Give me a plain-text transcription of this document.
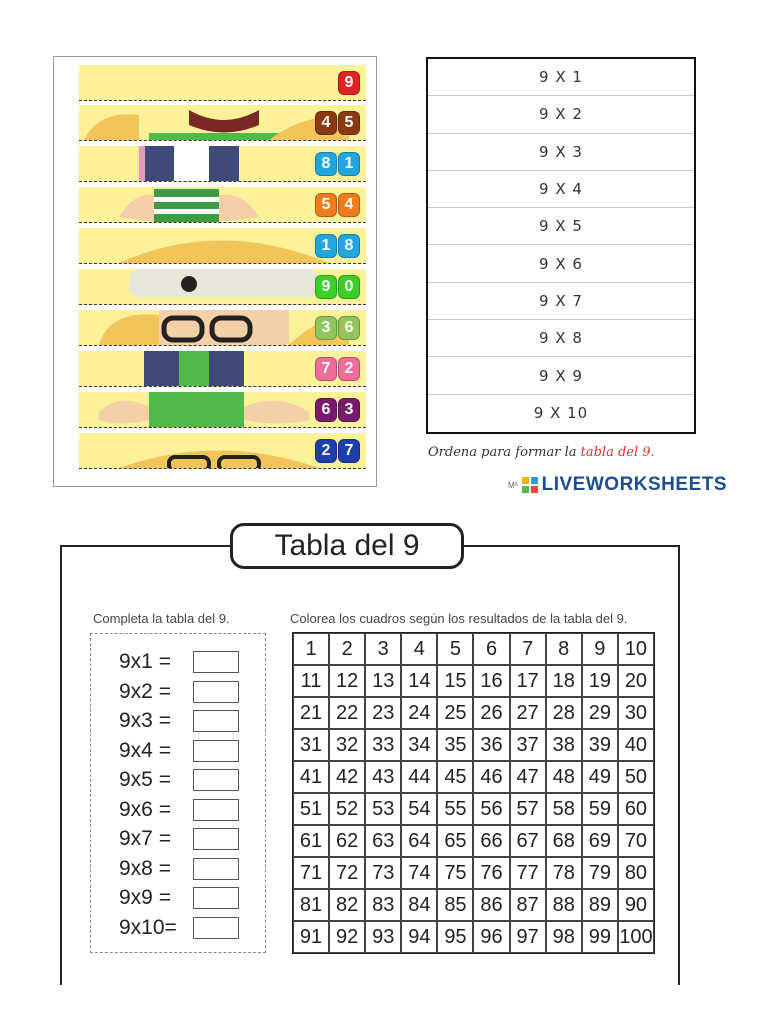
9
4 5
8 1
5 4
1 8
9 0
3 6
7 2
6 3
2 7
9 X 1
9 X 2
9 X 3
9 X 4
9 X 5
9 X 6
9 X 7
9 X 8
9 X 9
9 X 10
Ordena para formar la tabla del 9.
Mª LIVEWORKSHEETS
Tabla del 9
Completa la tabla del 9.	Colorea los cuadros según los resultados de la tabla del 9.
9x1 =
9x2 =
9x3 =
9x4 =
9x5 =
9x6 =
9x7 =
9x8 =
9x9 =
9x10=
1	2	3	4	5	6	7	8	9 10
11 12 13 14 15 16 17 18 19 20
21 22 23 24 25 26 27 28 29 30
31 32 33 34 35 36 37 38 39 40
41 42 43 44 45 46 47 48 49 50
51 52 53 54 55 56 57 58 59 60
61 62 63 64 65 66 67 68 69 70
71 72 73 74 75 76 77 78 79 80
81 82 83 84 85 86 87 88 89 90
91 92 93 94 95 96 97 98 99 100
